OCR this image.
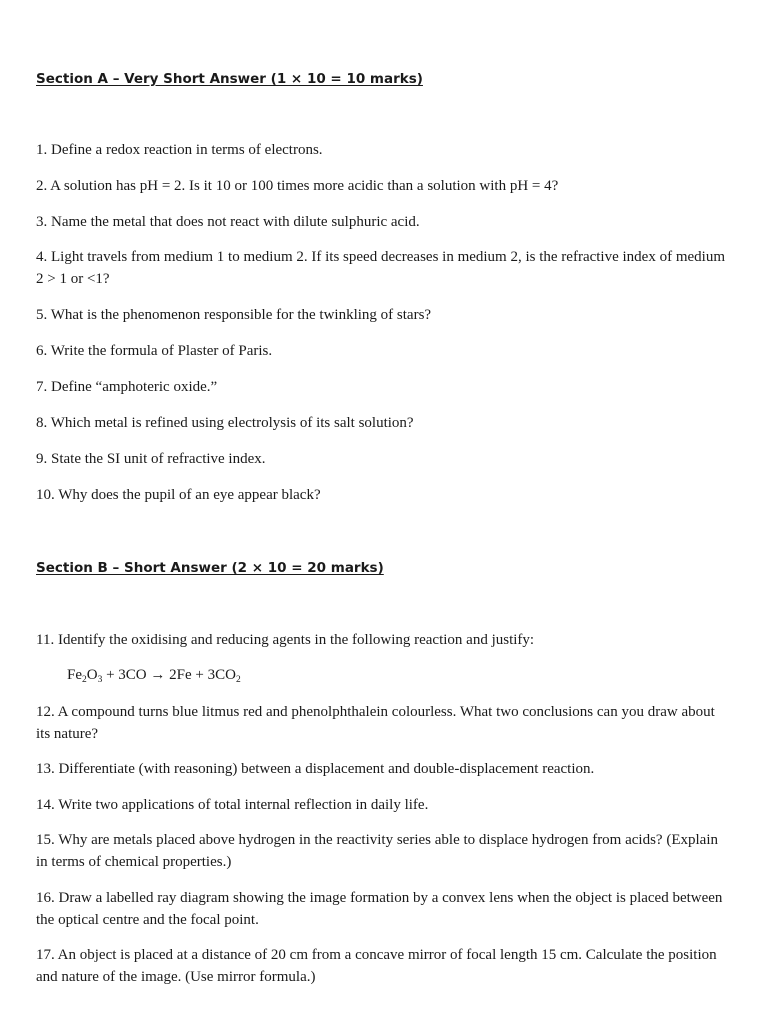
Section A – Very Short Answer (1 × 10 = 10 marks)
1. Define a redox reaction in terms of electrons.
2. A solution has pH = 2. Is it 10 or 100 times more acidic than a solution with pH = 4?
3. Name the metal that does not react with dilute sulphuric acid.
4. Light travels from medium 1 to medium 2. If its speed decreases in medium 2, is the refractive index of medium 2 > 1 or <1?
5. What is the phenomenon responsible for the twinkling of stars?
6. Write the formula of Plaster of Paris.
7. Define “amphoteric oxide.”
8. Which metal is refined using electrolysis of its salt solution?
9. State the SI unit of refractive index.
10. Why does the pupil of an eye appear black?
Section B – Short Answer (2 × 10 = 20 marks)
11. Identify the oxidising and reducing agents in the following reaction and justify:
$Fe_2O_3 + 3CO \to 2Fe + 3CO_2$
12. A compound turns blue litmus red and phenolphthalein colourless. What two conclusions can you draw about its nature?
13. Differentiate (with reasoning) between a displacement and double-displacement reaction.
14. Write two applications of total internal reflection in daily life.
15. Why are metals placed above hydrogen in the reactivity series able to displace hydrogen from acids? (Explain in terms of chemical properties.)
16. Draw a labelled ray diagram showing the image formation by a convex lens when the object is placed between the optical centre and the focal point.
17. An object is placed at a distance of 20 cm from a concave mirror of focal length 15 cm. Calculate the position and nature of the image. (Use mirror formula.)
